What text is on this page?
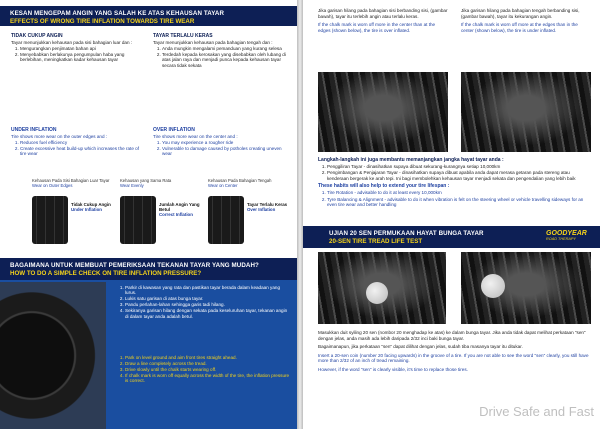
KESAN MENGEPAM ANGIN YANG SALAH KE ATAS KEHAUSAN TAYAR
EFFECTS OF WRONG TIRE INFLATION TOWARDS TIRE WEAR
TIDAK CUKUP ANGIN
Tayar menunjukkan kehausan pada sisi bahagian luar dan :
1. Mengurangkan penjimatan bahan api
2. Menyebabkan berlakunya pengumpulan haba yang berlebihan, meningkatkan kadar kehausan tayar
TAYAR TERLALU KERAS
Tayar menunjukkan kehausan pada bahagian tengah dan :
1. Anda mungkin mengalami pemanduan yang kurang selesa
2. Terdedah kepada kerosakan yang disebabkan oleh lubang di atas jalan raya dan menjadi punca kepada kehausan tayar secara tidak sekata
UNDER INFLATION
Tire shows more wear on the outer edges and :
1. Reduces fuel efficiency
2. Create excessive heat build-up which increases the rate of tire wear
OVER INFLATION
Tire shows more wear on the center and :
1. You may experience a rougher ride
2. Vulnerable to damage caused by potholes creating uneven wear
Kehausan Pada Sisi Bahagian Luar Tayar
Wear on Outer Edges
Kehausan yang Sama Rata
Wear Evenly
Kehausan Pada Bahagian Tengah
Wear on Center
Tidak Cukup Angin
Under Inflation
Jumlah Angin Yang Betul
Correct Inflation
Tayar Terlalu Keras
Over Inflation
BAGAIMANA UNTUK MEMBUAT PEMERIKSAAN TEKANAN TAYAR YANG MUDAH?
HOW TO DO A SIMPLE CHECK ON TIRE INFLATION PRESSURE?
1. Parkir di kawasan yang rata dan pastikan tayar berada dalam keadaan yang lurus.
2. Lukis satu garisan di atas bunga tayar.
3. Pandu perlahan-lahan sehingga garis tadi hilang.
4. Sekiranya garisan hilang dengan sekata pada keseluruhan tayar, tekanan angin di dalam tayar anda adalah betul.
1. Park on level ground and aim front tires straight ahead.
2. Draw a line completely across the tread.
3. Drive slowly until the chalk starts wearing off.
4. If chalk mark is worn off equally across the width of the tire, the inflation pressure is correct.
Jika garisan hilang pada bahagian sisi berbanding sisi, (gambar bawah), tayar itu terlebih angin atau terlalu keras.
If the chalk mark is worn off more in the center than at the edges (shown below), the tire is over inflated.
Jika garisan hilang pada bahagian tengah berbanding sisi, (gambar bawah), tayar itu kekurangan angin.
If the chalk mark is worn off more at the edges than in the center (shown below), the tire is under inflated.
Langkah-langkah ini juga membantu memanjangkan jangka hayat tayar anda :
1. Penggiliran Tayar - dinasihatkan supaya dibuat sekurang-kurangnya setiap 10,000km
2. Pengimbangan & Penjajaran Tayar - dinasihatkan supaya dibuat apabila anda dapat merasa getaran pada stereng atau kenderaan bergerak ke arah tepi. Ini bagi membolehkan kehausan tayar menjadi sekata dan pengendalian yang lebih baik
These habits will also help to extend your tire lifespan :
1. Tire Rotation - advisable to do it at least every 10,000km
2. Tyre Balancing & Alignment - advisable to do it when vibration is felt on the steering wheel or vehicle travelling sideways for an even tire wear and better handling
UJIAN 20 SEN PERMUKAAN HAYAT BUNGA TAYAR
20-SEN TIRE TREAD LIFE TEST
GOODYEAR
ROAD THERAPY
Masukkan duit syiling 20 sen (nombor 20 menghadap ke atas) ke dalam bunga tayar. Jika anda tidak dapat melihat perkataan "sen" dengan jelas, anda masih ada lebih daripada 2/32 inci baki bunga tayar.
Bagaimanapun, jika perkataan "sen" dapat dilihat dengan jelas, sudah tiba masanya tayar itu ditukar.
Insert a 20-sen coin (number 20 facing upwards) in the groove of a tire. If you are not able to see the word "sen" clearly, you still have more than 2/32 of an inch of tread remaining.
However, if the word "sen" is clearly visible, it's time to replace those tires.
Drive Safe and Fast
